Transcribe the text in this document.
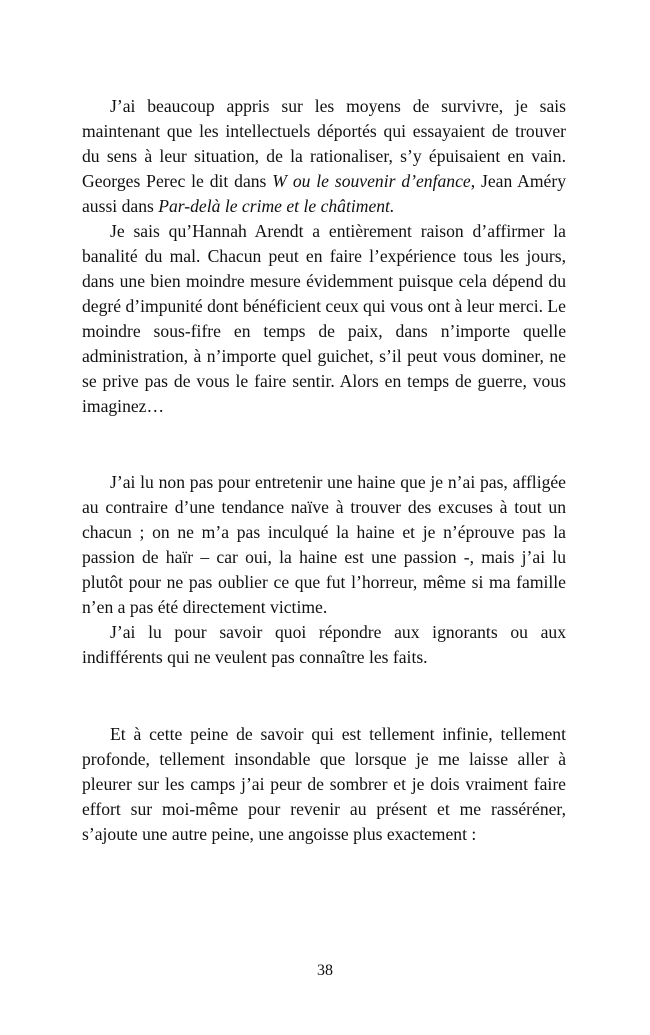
J’ai beaucoup appris sur les moyens de survivre, je sais maintenant que les intellectuels déportés qui essayaient de trouver du sens à leur situation, de la rationaliser, s’y épuisaient en vain. Georges Perec le dit dans W ou le souvenir d’enfance, Jean Améry aussi dans Par-delà le crime et le châtiment.

Je sais qu’Hannah Arendt a entièrement raison d’affirmer la banalité du mal. Chacun peut en faire l’expérience tous les jours, dans une bien moindre mesure évidemment puisque cela dépend du degré d’impunité dont bénéficient ceux qui vous ont à leur merci. Le moindre sous-fifre en temps de paix, dans n’importe quelle administration, à n’importe quel guichet, s’il peut vous dominer, ne se prive pas de vous le faire sentir. Alors en temps de guerre, vous imaginez…

J’ai lu non pas pour entretenir une haine que je n’ai pas, affligée au contraire d’une tendance naïve à trouver des excuses à tout un chacun ; on ne m’a pas inculqué la haine et je n’éprouve pas la passion de haïr – car oui, la haine est une passion -, mais j’ai lu plutôt pour ne pas oublier ce que fut l’horreur, même si ma famille n’en a pas été directement victime.

J’ai lu pour savoir quoi répondre aux ignorants ou aux indifférents qui ne veulent pas connaître les faits.

Et à cette peine de savoir qui est tellement infinie, tellement profonde, tellement insondable que lorsque je me laisse aller à pleurer sur les camps j’ai peur de sombrer et je dois vraiment faire effort sur moi-même pour revenir au présent et me rasséréner, s’ajoute une autre peine, une angoisse plus exactement :

38
